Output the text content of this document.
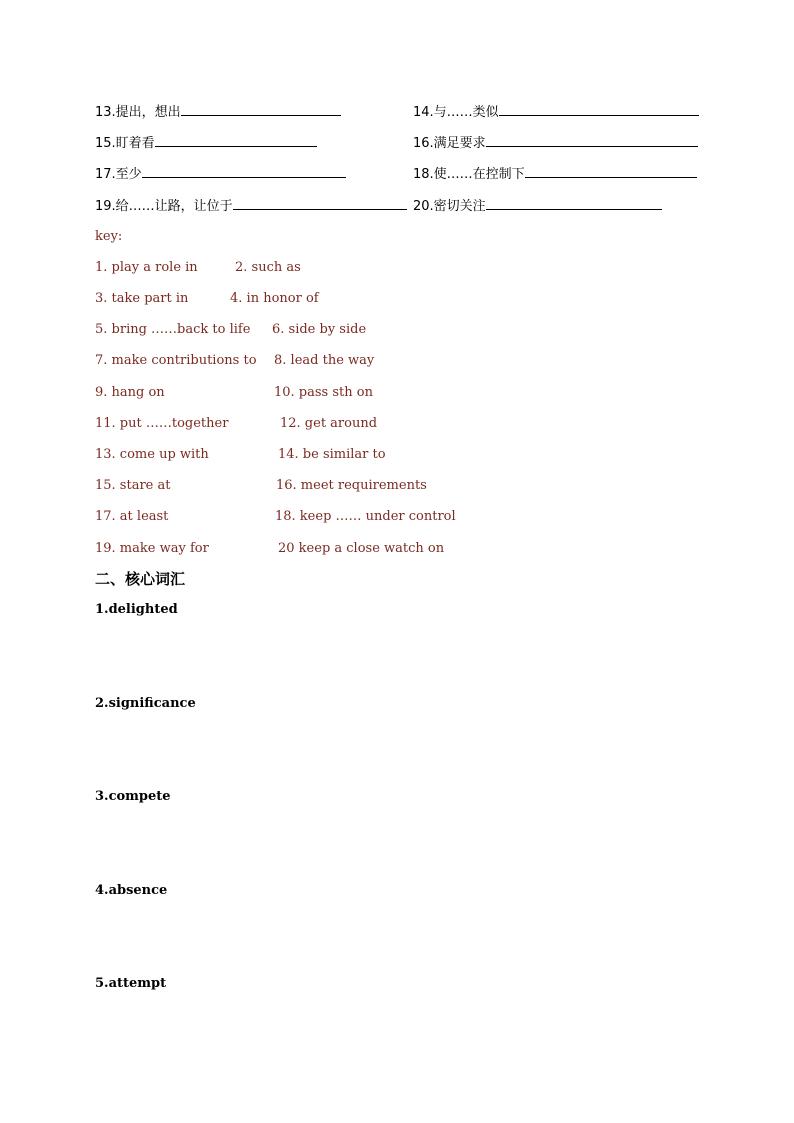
13.提出，想出	14.与……类似
15.盯着看	16.满足要求
17.至少	18.使……在控制下
19.给……让路，让位于	20.密切关注
key:
1. play a role in	2. such as
3. take part in	4. in honor of
5. bring ……back to life 6. side by side
7. make contributions to 8. lead the way
9. hang on	10. pass sth on
11. put ……together	12. get around
13. come up with	14. be similar to
15. stare at	16. meet requirements
17. at least	18. keep …… under control
19. make way for	20 keep a close watch on
二、核心词汇
1.delighted
2.significance
3.compete
4.absence
5.attempt
